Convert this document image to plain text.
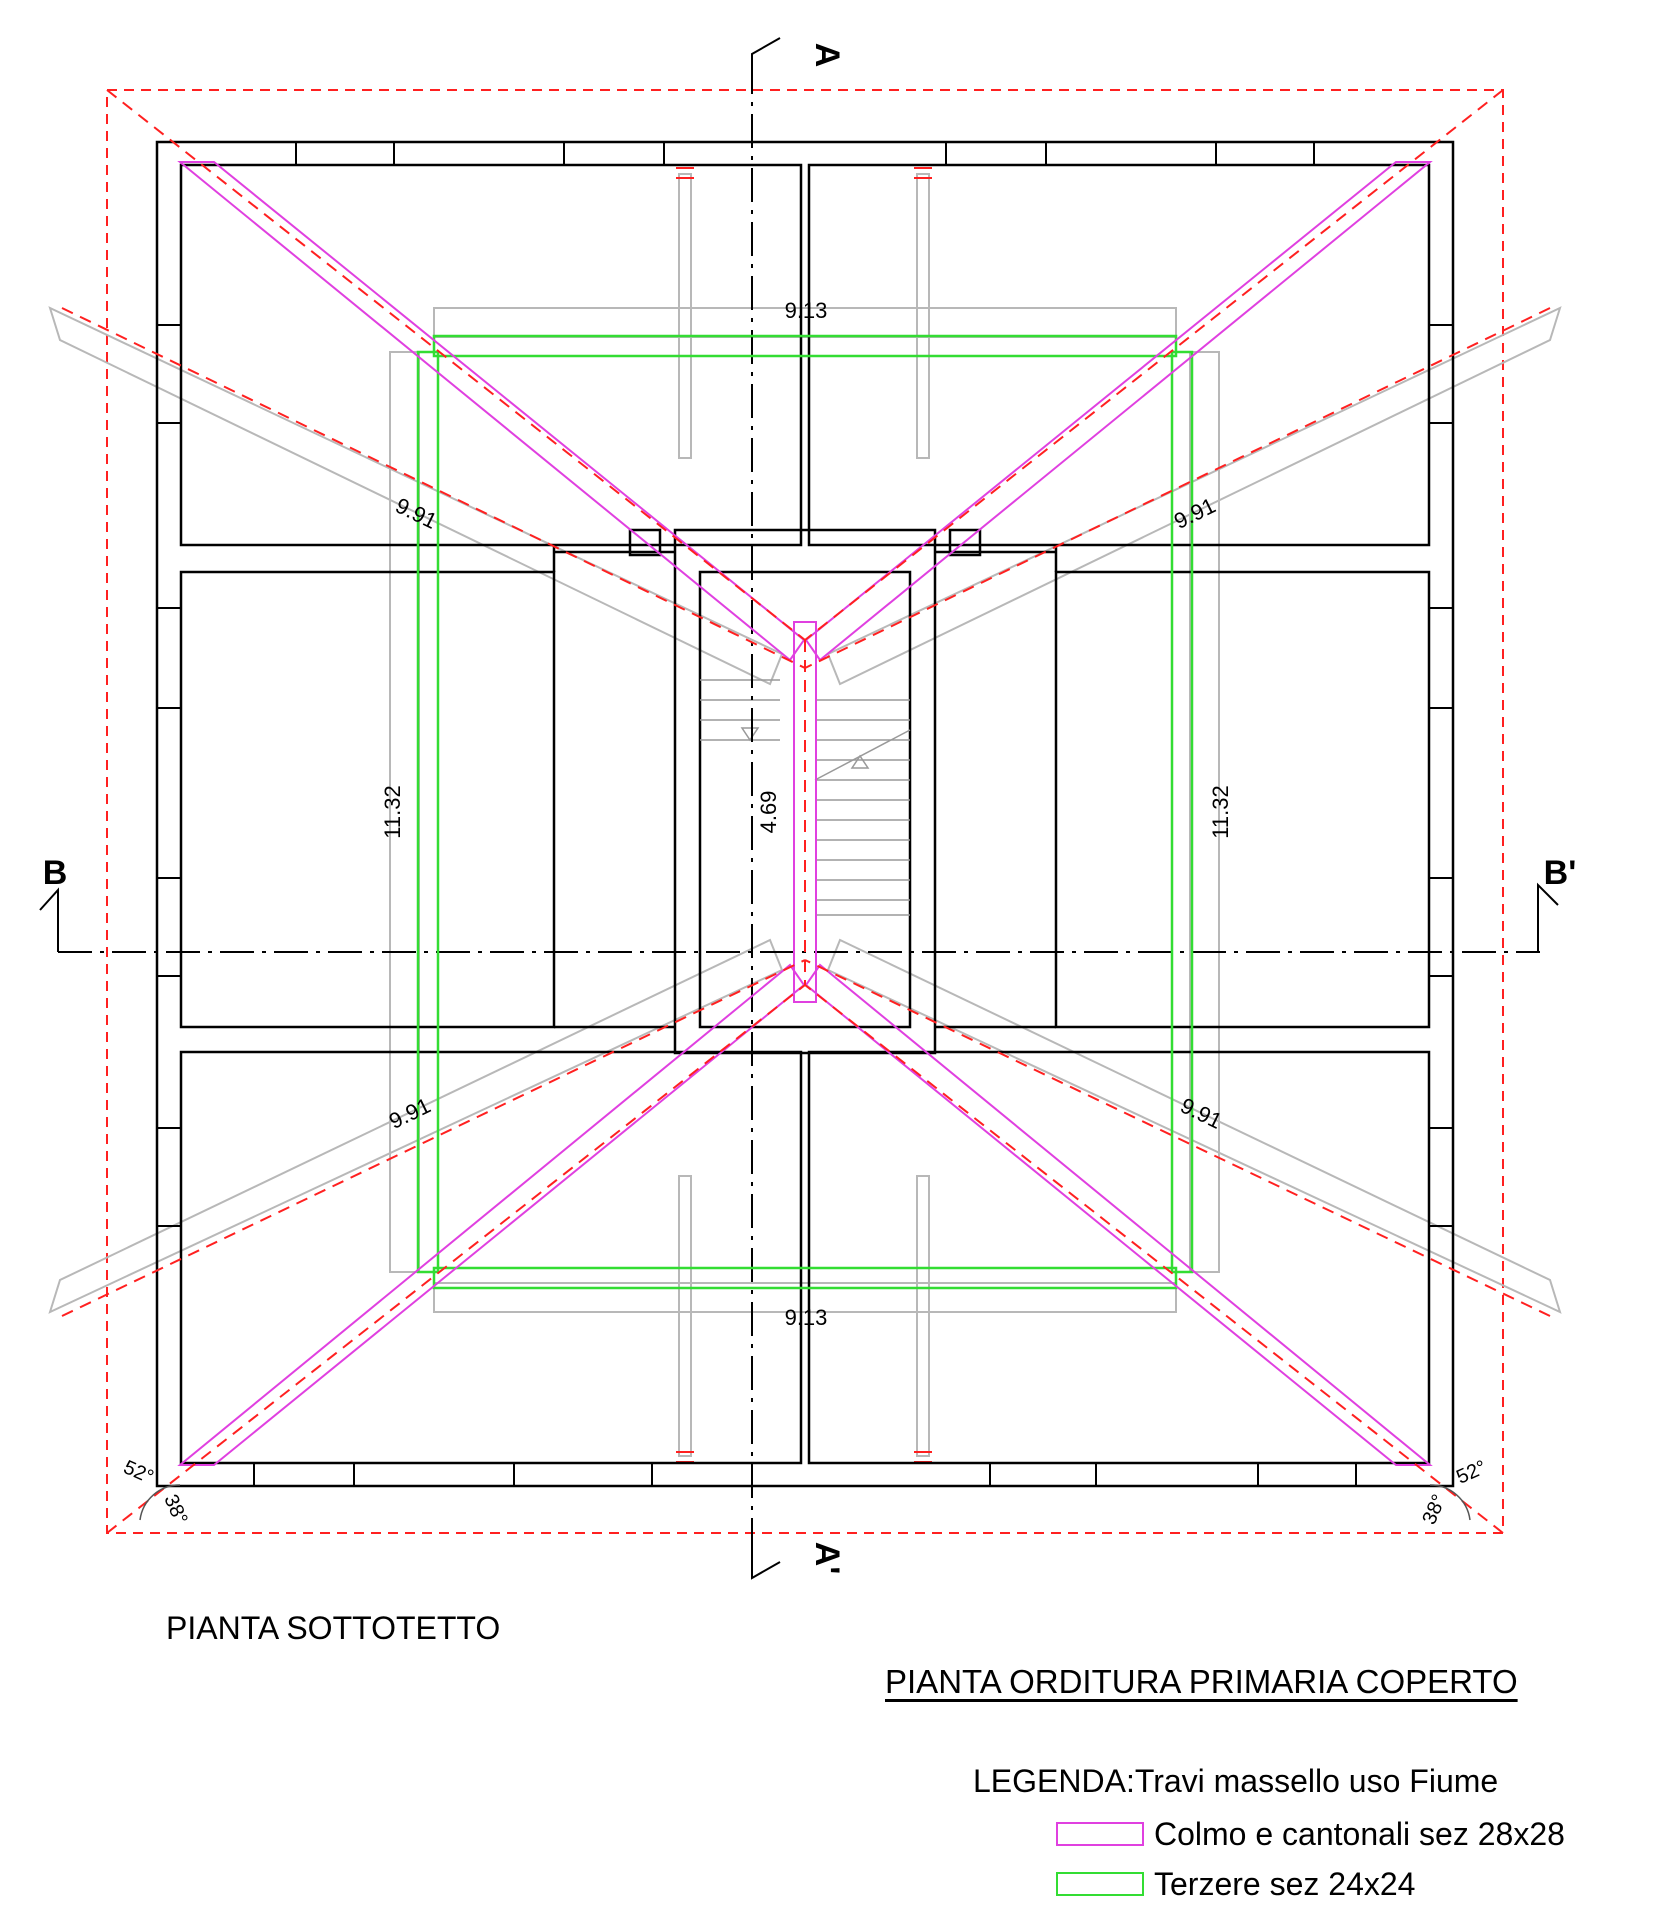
9.13
9.13
11.32	11.32
4.69
9.91	9.91
9.91	9.91
52°
38°
52°
38°
A
A'
B	B'
PIANTA SOTTOTETTO
PIANTA ORDITURA PRIMARIA COPERTO
LEGENDA:Travi massello uso Fiume
Colmo e cantonali sez 28x28
Terzere sez 24x24
